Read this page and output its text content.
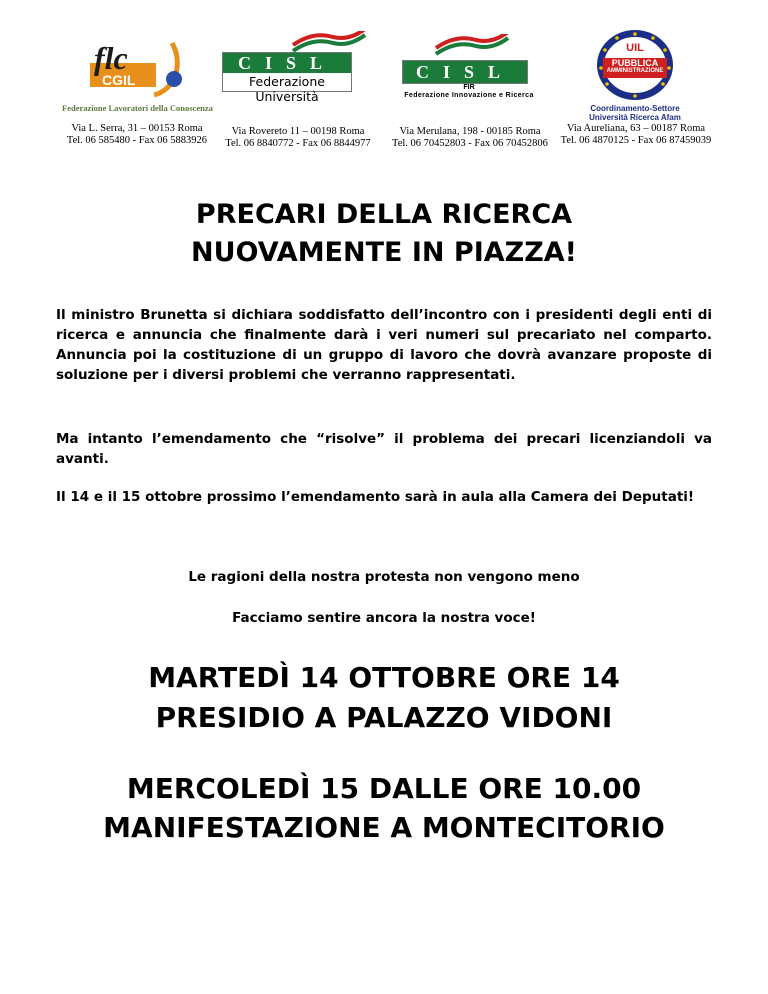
flc
CGIL
Federazione Lavoratori della Conoscenza
CISL
Federazione Università
CISL
FIR
Federazione Innovazione e Ricerca
UIL
PUBBLICA
AMMINISTRAZIONE
Coordinamento-Settore
Università Ricerca Afam
Via L. Serra, 31 – 00153 Roma
Tel. 06 585480 - Fax 06 5883926
Via Rovereto 11 – 00198 Roma
Tel. 06 8840772 - Fax 06 8844977
Via Merulana, 198 - 00185 Roma
Tel. 06 70452803 - Fax 06 70452806
Via Aureliana, 63 – 00187 Roma
Tel. 06 4870125 - Fax 06 87459039
PRECARI DELLA RICERCA
NUOVAMENTE IN PIAZZA!
Il ministro Brunetta si dichiara soddisfatto dell’incontro con i presidenti degli enti di ricerca e annuncia che finalmente darà i veri numeri sul precariato nel comparto. Annuncia poi la costituzione di un gruppo di lavoro che dovrà avanzare proposte di soluzione per i diversi problemi che verranno rappresentati.
Ma intanto l’emendamento che “risolve” il problema dei precari licenziandoli va avanti.
Il 14 e il 15 ottobre prossimo l’emendamento sarà in aula alla Camera dei Deputati!
Le ragioni della nostra protesta non vengono meno
Facciamo sentire ancora la nostra voce!
MARTEDÌ 14 OTTOBRE ORE 14
PRESIDIO A PALAZZO VIDONI
MERCOLEDÌ 15 DALLE ORE 10.00
MANIFESTAZIONE A MONTECITORIO
